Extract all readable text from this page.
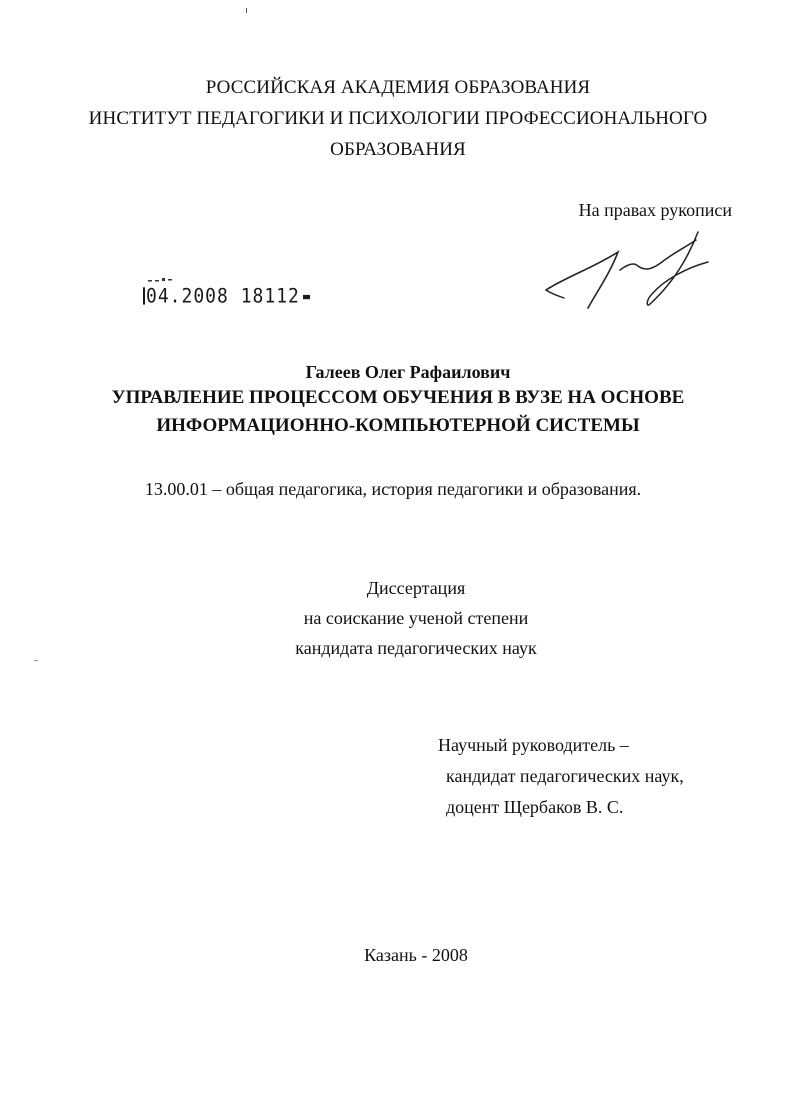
РОССИЙСКАЯ АКАДЕМИЯ ОБРАЗОВАНИЯ
ИНСТИТУТ ПЕДАГОГИКИ И ПСИХОЛОГИИ ПРОФЕССИОНАЛЬНОГО
ОБРАЗОВАНИЯ
На правах рукописи
04.2008 18112
Галеев Олег Рафаилович
УПРАВЛЕНИЕ ПРОЦЕССОМ ОБУЧЕНИЯ В ВУЗЕ НА ОСНОВЕ
ИНФОРМАЦИОННО-КОМПЬЮТЕРНОЙ СИСТЕМЫ
13.00.01 – общая педагогика, история педагогики и образования.
Диссертация
на соискание ученой степени
кандидата педагогических наук
Научный руководитель –
кандидат педагогических наук,
доцент Щербаков В. С.
Казань - 2008
